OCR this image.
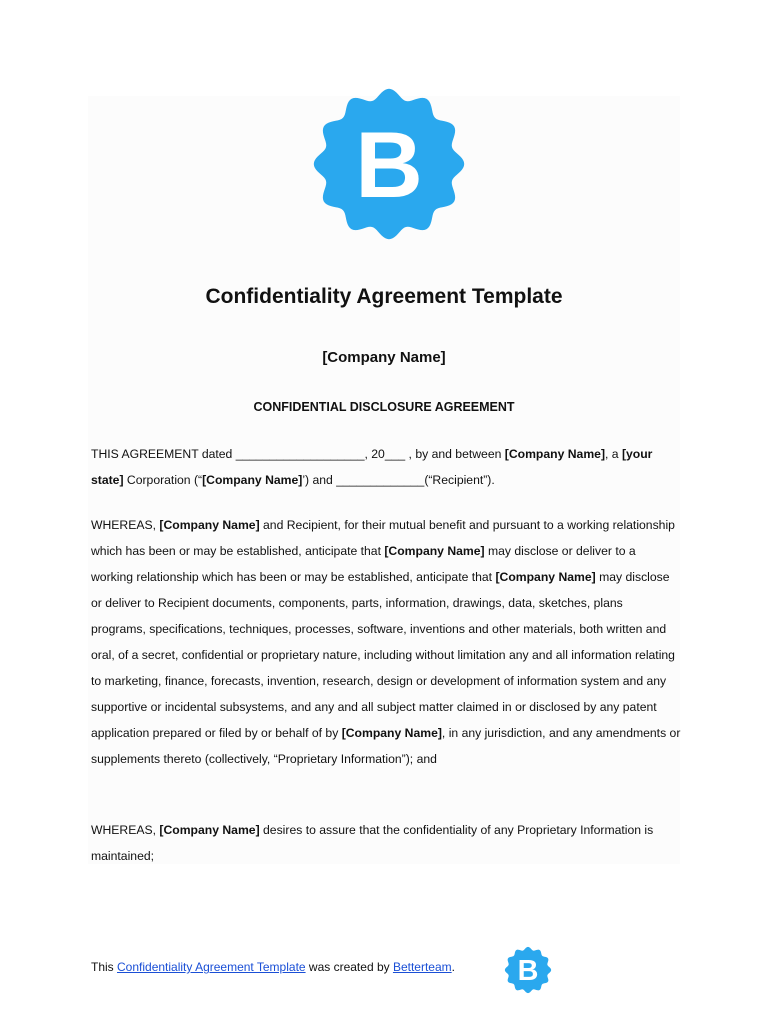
B
Confidentiality Agreement Template
[Company Name]
CONFIDENTIAL DISCLOSURE AGREEMENT

THIS AGREEMENT dated ___________________, 20___ , by and between [Company Name], a [your state] Corporation (“[Company Name]’) and _____________(“Recipient”).

WHEREAS, [Company Name] and Recipient, for their mutual benefit and pursuant to a working relationship which has been or may be established, anticipate that [Company Name] may disclose or deliver to a working relationship which has been or may be established, anticipate that [Company Name] may disclose or deliver to Recipient documents, components, parts, information, drawings, data, sketches, plans programs, specifications, techniques, processes, software, inventions and other materials, both written and oral, of a secret, confidential or proprietary nature, including without limitation any and all information relating to marketing, finance, forecasts, invention, research, design or development of information system and any supportive or incidental subsystems, and any and all subject matter claimed in or disclosed by any patent application prepared or filed by or behalf of by [Company Name], in any jurisdiction, and any amendments or supplements thereto (collectively, “Proprietary Information”); and

WHEREAS, [Company Name] desires to assure that the confidentiality of any Proprietary Information is maintained;

This Confidentiality Agreement Template was created by Betterteam. B
